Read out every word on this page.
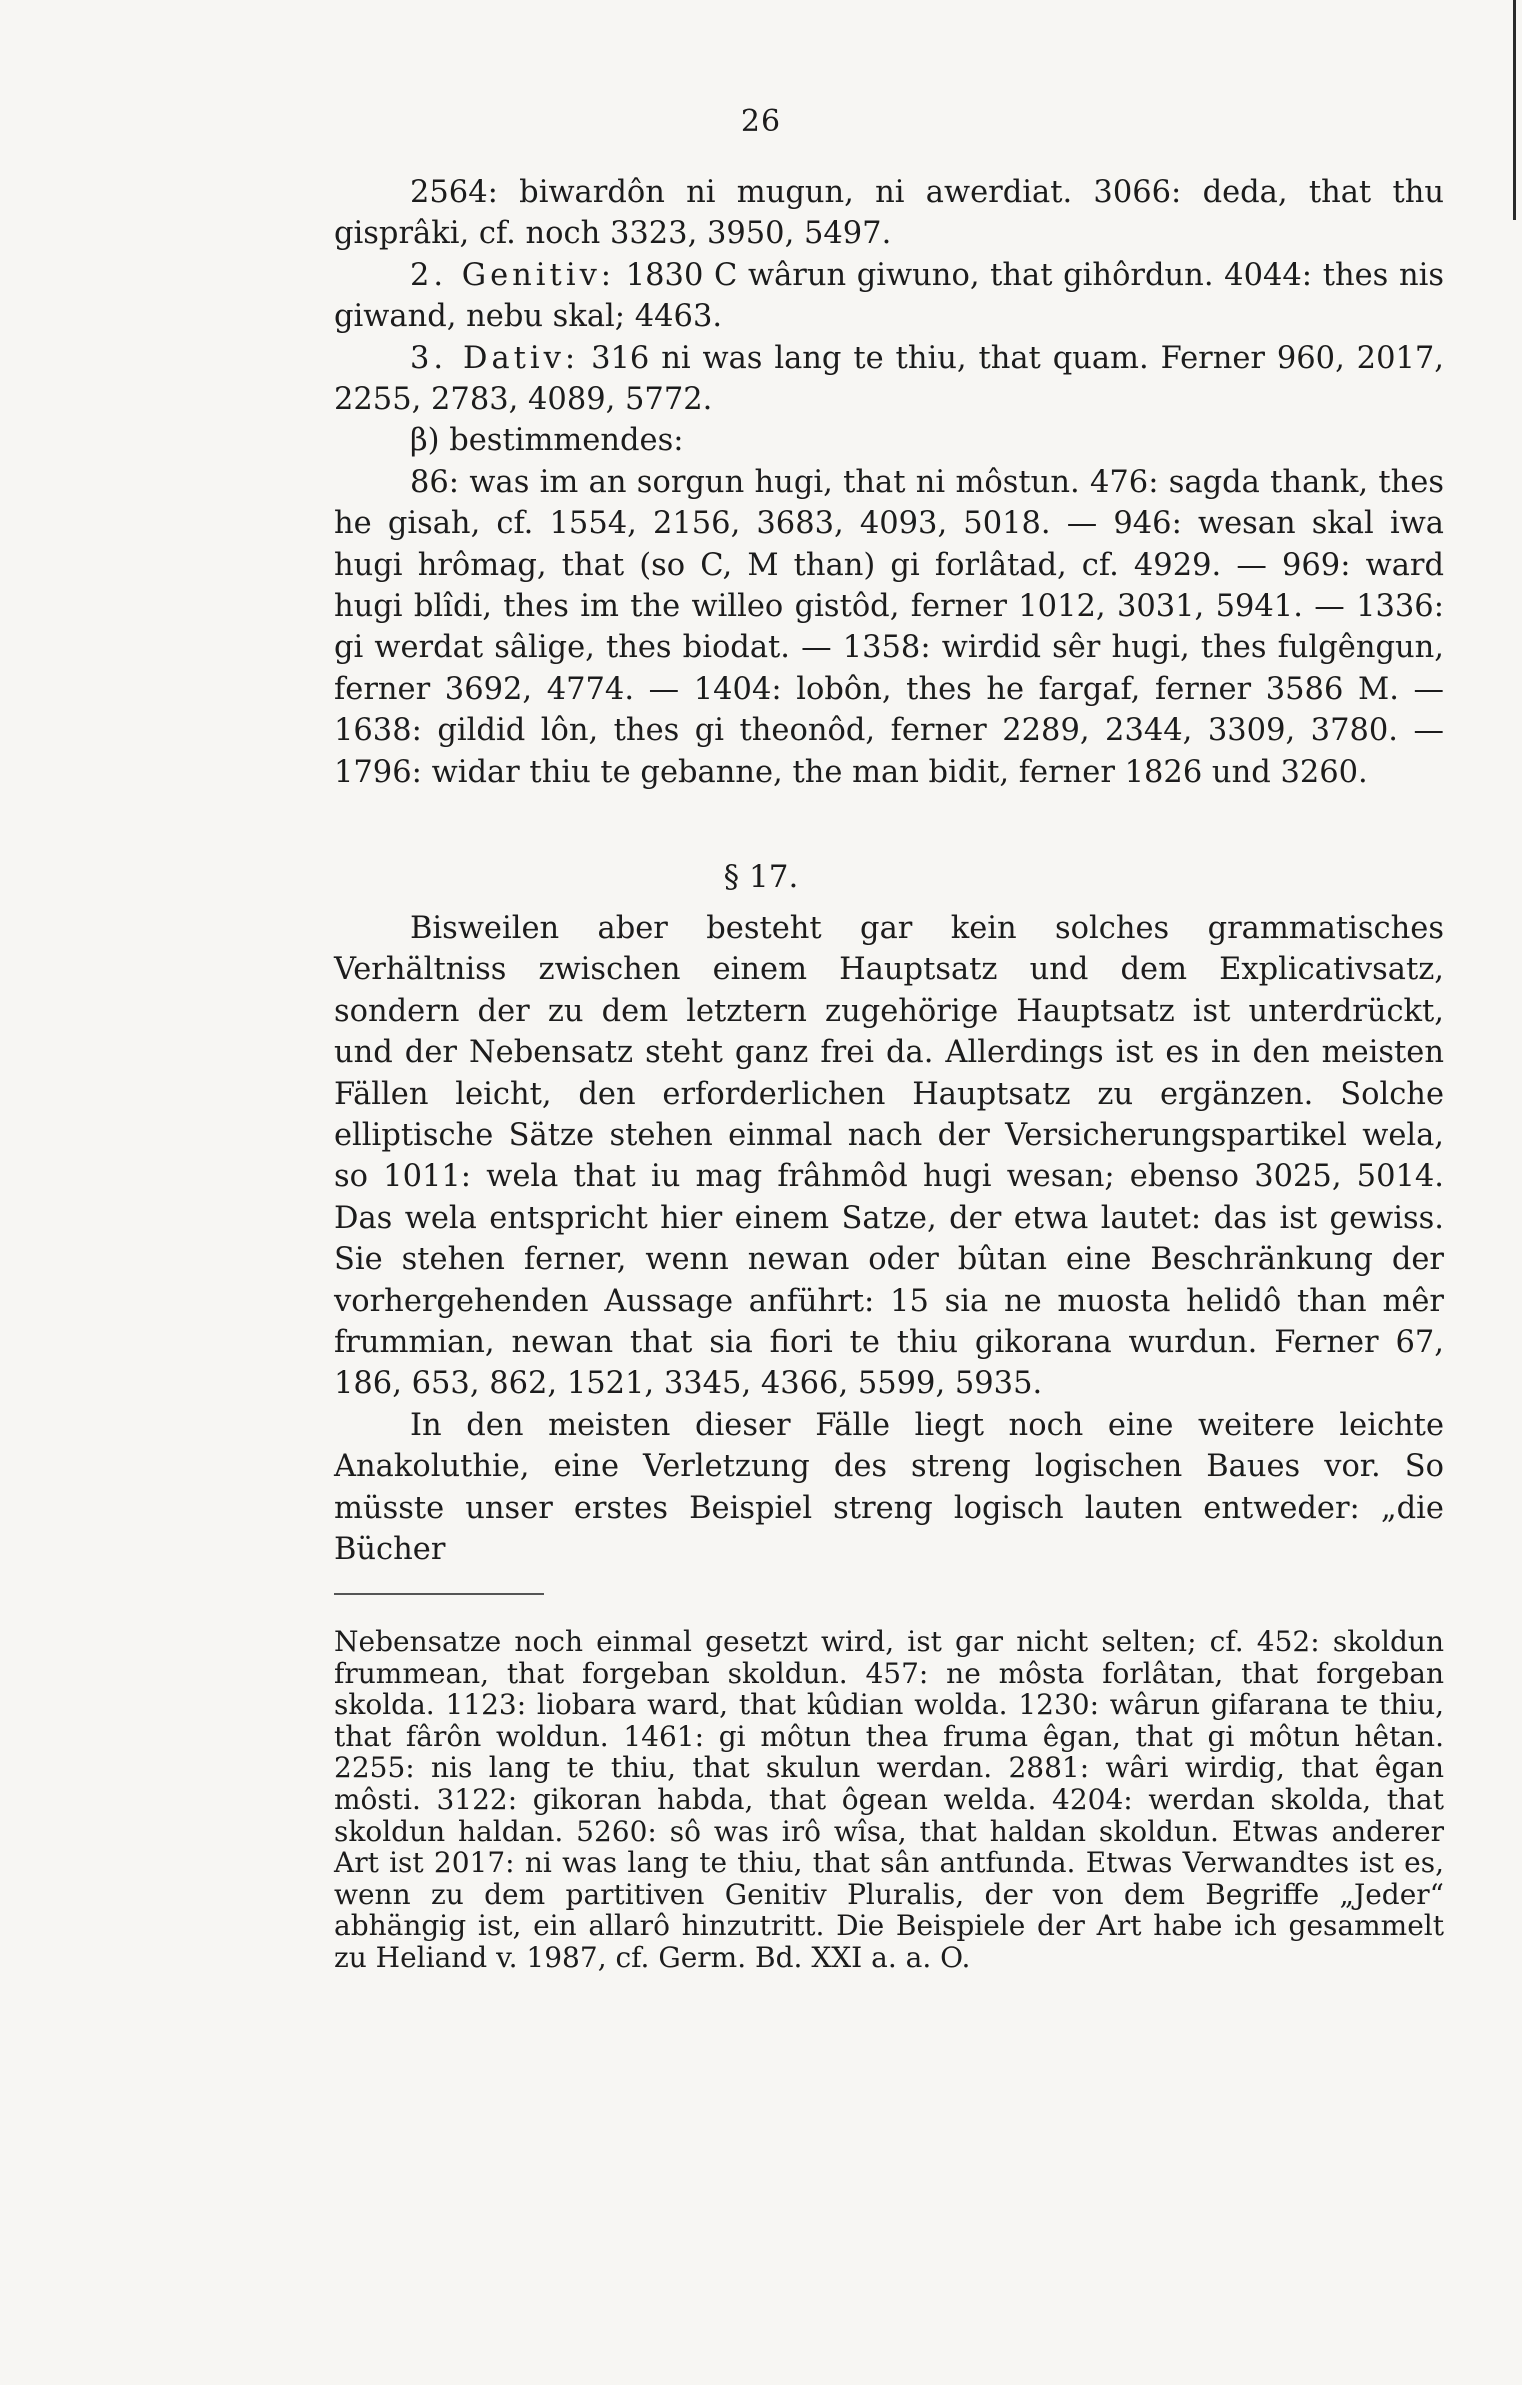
26

2564: biwardôn ni mugun, ni awerdiat. 3066: deda, that thu gisprâki, cf. noch 3323, 3950, 5497.

2. Genitiv: 1830 C wârun giwuno, that gihôrdun. 4044: thes nis giwand, nebu skal; 4463.

3. Dativ: 316 ni was lang te thiu, that quam. Ferner 960, 2017, 2255, 2783, 4089, 5772.

β) bestimmendes:

86: was im an sorgun hugi, that ni môstun. 476: sagda thank, thes he gisah, cf. 1554, 2156, 3683, 4093, 5018. — 946: wesan skal iwa hugi hrômag, that (so C, M than) gi forlâtad, cf. 4929. — 969: ward hugi blîdi, thes im the willeo gistôd, ferner 1012, 3031, 5941. — 1336: gi werdat sâlige, thes biodat. — 1358: wirdid sêr hugi, thes fulgêngun, ferner 3692, 4774. — 1404: lobôn, thes he fargaf, ferner 3586 M. — 1638: gildid lôn, thes gi theonôd, ferner 2289, 2344, 3309, 3780. — 1796: widar thiu te gebanne, the man bidit, ferner 1826 und 3260.

§ 17.

Bisweilen aber besteht gar kein solches grammatisches Verhältniss zwischen einem Hauptsatz und dem Explicativsatz, sondern der zu dem letztern zugehörige Hauptsatz ist unterdrückt, und der Nebensatz steht ganz frei da. Allerdings ist es in den meisten Fällen leicht, den erforderlichen Hauptsatz zu ergänzen. Solche elliptische Sätze stehen einmal nach der Versicherungspartikel wela, so 1011: wela that iu mag frâhmôd hugi wesan; ebenso 3025, 5014. Das wela entspricht hier einem Satze, der etwa lautet: das ist gewiss. Sie stehen ferner, wenn newan oder bûtan eine Beschränkung der vorhergehenden Aussage anführt: 15 sia ne muosta helidô than mêr frummian, newan that sia fiori te thiu gikorana wurdun. Ferner 67, 186, 653, 862, 1521, 3345, 4366, 5599, 5935.

In den meisten dieser Fälle liegt noch eine weitere leichte Anakoluthie, eine Verletzung des streng logischen Baues vor. So müsste unser erstes Beispiel streng logisch lauten entweder: „die Bücher

Nebensatze noch einmal gesetzt wird, ist gar nicht selten; cf. 452: skoldun frummean, that forgeban skoldun. 457: ne môsta forlâtan, that forgeban skolda. 1123: liobara ward, that kûdian wolda. 1230: wârun gifarana te thiu, that fârôn woldun. 1461: gi môtun thea fruma êgan, that gi môtun hêtan. 2255: nis lang te thiu, that skulun werdan. 2881: wâri wirdig, that êgan môsti. 3122: gikoran habda, that ôgean welda. 4204: werdan skolda, that skoldun haldan. 5260: sô was irô wîsa, that haldan skoldun. Etwas anderer Art ist 2017: ni was lang te thiu, that sân antfunda. Etwas Verwandtes ist es, wenn zu dem partitiven Genitiv Pluralis, der von dem Begriffe „Jeder“ abhängig ist, ein allarô hinzutritt. Die Beispiele der Art habe ich gesammelt zu Heliand v. 1987, cf. Germ. Bd. XXI a. a. O.
